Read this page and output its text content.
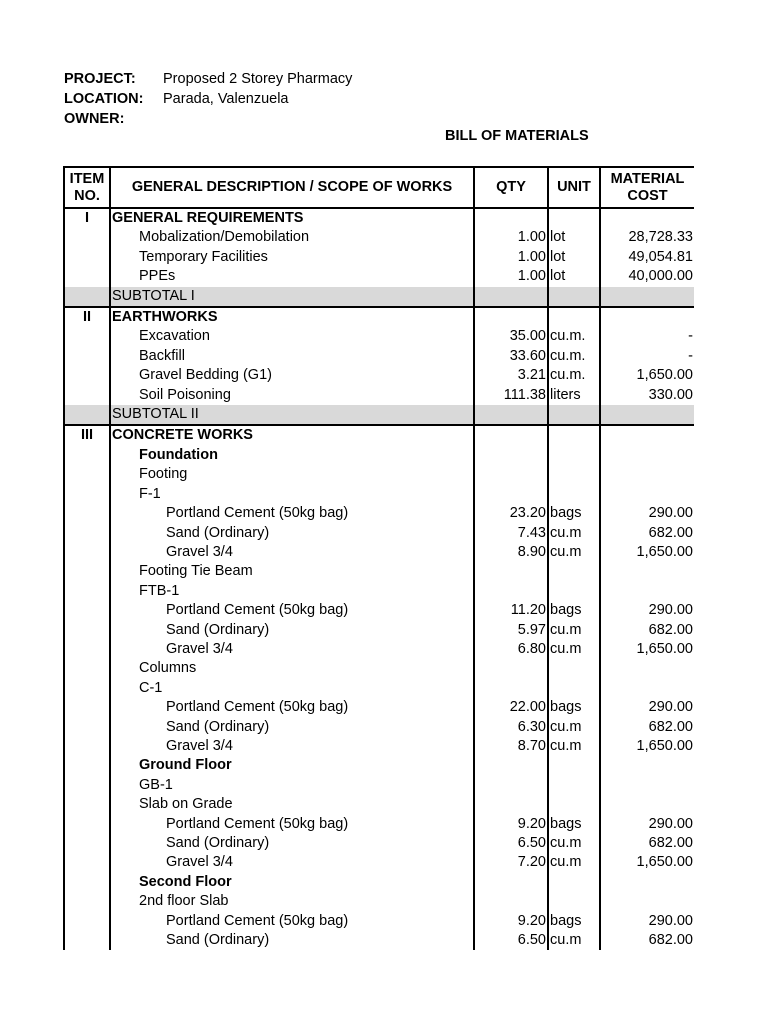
PROJECT: Proposed 2 Storey Pharmacy
LOCATION: Parada, Valenzuela
OWNER:
BILL OF MATERIALS
ITEM
NO.	GENERAL DESCRIPTION / SCOPE OF WORKS	QTY	UNIT	MATERIAL
COST
I	GENERAL REQUIREMENTS			
	Mobalization/Demobilation	1.00	lot	28,728.33
	Temporary Facilities	1.00	lot	49,054.81
	PPEs	1.00	lot	40,000.00
	SUBTOTAL I			
II	EARTHWORKS			
	Excavation	35.00	cu.m.	-
	Backfill	33.60	cu.m.	-
	Gravel Bedding (G1)	3.21	cu.m.	1,650.00
	Soil Poisoning	111.38	liters	330.00
	SUBTOTAL II			
III	CONCRETE WORKS			
	Foundation			
	Footing			
	F-1			
	Portland Cement (50kg bag)	23.20	bags	290.00
	Sand (Ordinary)	7.43	cu.m	682.00
	Gravel 3/4	8.90	cu.m	1,650.00
	Footing Tie Beam			
	FTB-1			
	Portland Cement (50kg bag)	11.20	bags	290.00
	Sand (Ordinary)	5.97	cu.m	682.00
	Gravel 3/4	6.80	cu.m	1,650.00
	Columns			
	C-1			
	Portland Cement (50kg bag)	22.00	bags	290.00
	Sand (Ordinary)	6.30	cu.m	682.00
	Gravel 3/4	8.70	cu.m	1,650.00
	Ground Floor			
	GB-1			
	Slab on Grade			
	Portland Cement (50kg bag)	9.20	bags	290.00
	Sand (Ordinary)	6.50	cu.m	682.00
	Gravel 3/4	7.20	cu.m	1,650.00
	Second Floor			
	2nd floor Slab			
	Portland Cement (50kg bag)	9.20	bags	290.00
	Sand (Ordinary)	6.50	cu.m	682.00
